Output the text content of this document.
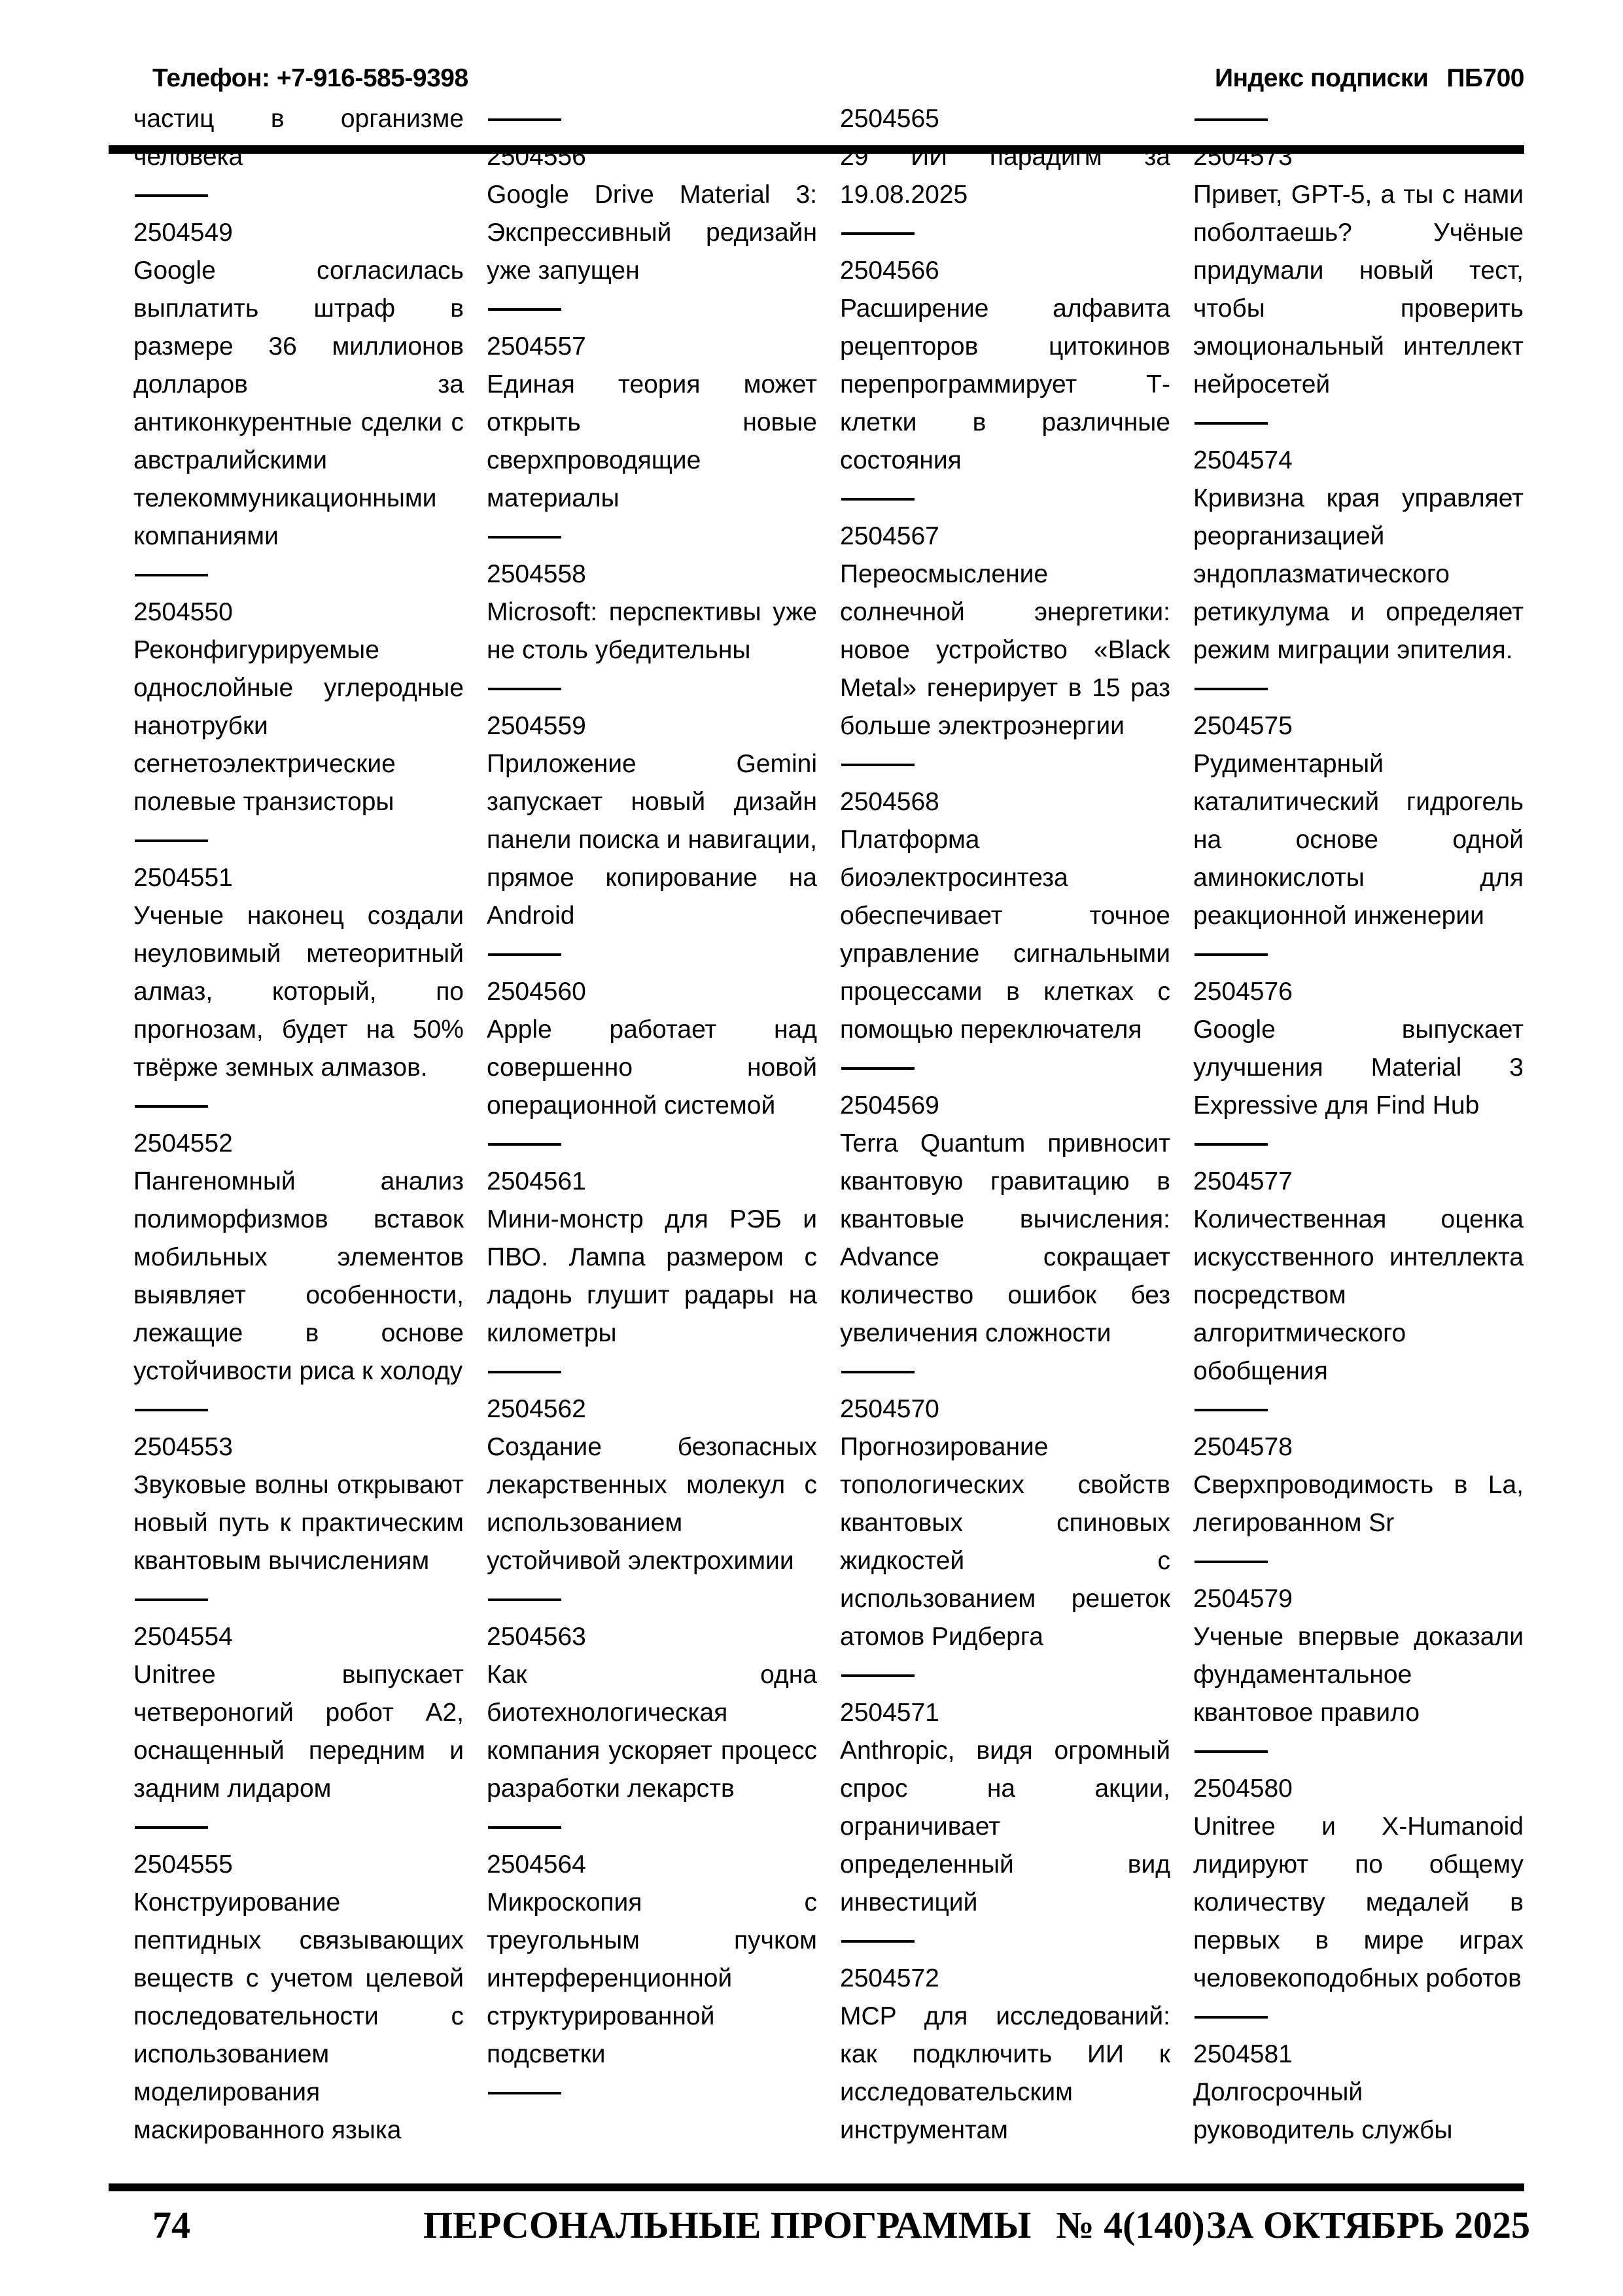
Телефон: +7-916-585-9398	Индекс подписки ПБ700
частиц в организме человека
2504549
Google согласилась выплатить штраф в размере 36 миллионов долларов за антиконкурентные сделки с австралийскими телекоммуникационными компаниями
2504550
Реконфигурируемые однослойные углеродные нанотрубки сегнетоэлектрические полевые транзисторы
2504551
Ученые наконец создали неуловимый метеоритный алмаз, который, по прогнозам, будет на 50% твёрже земных алмазов.
2504552
Пангеномный анализ полиморфизмов вставок мобильных элементов выявляет особенности, лежащие в основе устойчивости риса к холоду
2504553
Звуковые волны открывают новый путь к практическим квантовым вычислениям
2504554
Unitree выпускает четвероногий робот A2, оснащенный передним и задним лидаром
2504555
Конструирование пептидных связывающих веществ с учетом целевой последовательности с использованием моделирования маскированного языка
2504556
Google Drive Material 3: Экспрессивный редизайн уже запущен
2504557
Единая теория может открыть новые сверхпроводящие материалы
2504558
Microsoft: перспективы уже не столь убедительны
2504559
Приложение Gemini запускает новый дизайн панели поиска и навигации, прямое копирование на Android
2504560
Apple работает над совершенно новой операционной системой
2504561
Мини-монстр для РЭБ и ПВО. Лампа размером с ладонь глушит радары на километры
2504562
Создание безопасных лекарственных молекул с использованием устойчивой электрохимии
2504563
Как одна биотехнологическая компания ускоряет процесс разработки лекарств
2504564
Микроскопия с треугольным пучком интерференционной структурированной подсветки
2504565
29 ИИ парадигм за 19.08.2025
2504566
Расширение алфавита рецепторов цитокинов перепрограммирует Т-клетки в различные состояния
2504567
Переосмысление солнечной энергетики: новое устройство «Black Metal» генерирует в 15 раз больше электроэнергии
2504568
Платформа биоэлектросинтеза обеспечивает точное управление сигнальными процессами в клетках с помощью переключателя
2504569
Terra Quantum привносит квантовую гравитацию в квантовые вычисления: Advance сокращает количество ошибок без увеличения сложности
2504570
Прогнозирование топологических свойств квантовых спиновых жидкостей с использованием решеток атомов Ридберга
2504571
Anthropic, видя огромный спрос на акции, ограничивает определенный вид инвестиций
2504572
MCP для исследований: как подключить ИИ к исследовательским инструментам
2504573
Привет, GPT-5, а ты с нами поболтаешь? Учёные придумали новый тест, чтобы проверить эмоциональный интеллект нейросетей
2504574
Кривизна края управляет реорганизацией эндоплазматического ретикулума и определяет режим миграции эпителия.
2504575
Рудиментарный каталитический гидрогель на основе одной аминокислоты для реакционной инженерии
2504576
Google выпускает улучшения Material 3 Expressive для Find Hub
2504577
Количественная оценка искусственного интеллекта посредством алгоритмического обобщения
2504578
Сверхпроводимость в La, легированном Sr
2504579
Ученые впервые доказали фундаментальное квантовое правило
2504580
Unitree и X-Humanoid лидируют по общему количеству медалей в первых в мире играх человекоподобных роботов
2504581
Долгосрочный руководитель службы
74	ПЕРСОНАЛЬНЫЕ ПРОГРАММЫ № 4(140) ЗА ОКТЯБРЬ 2025
